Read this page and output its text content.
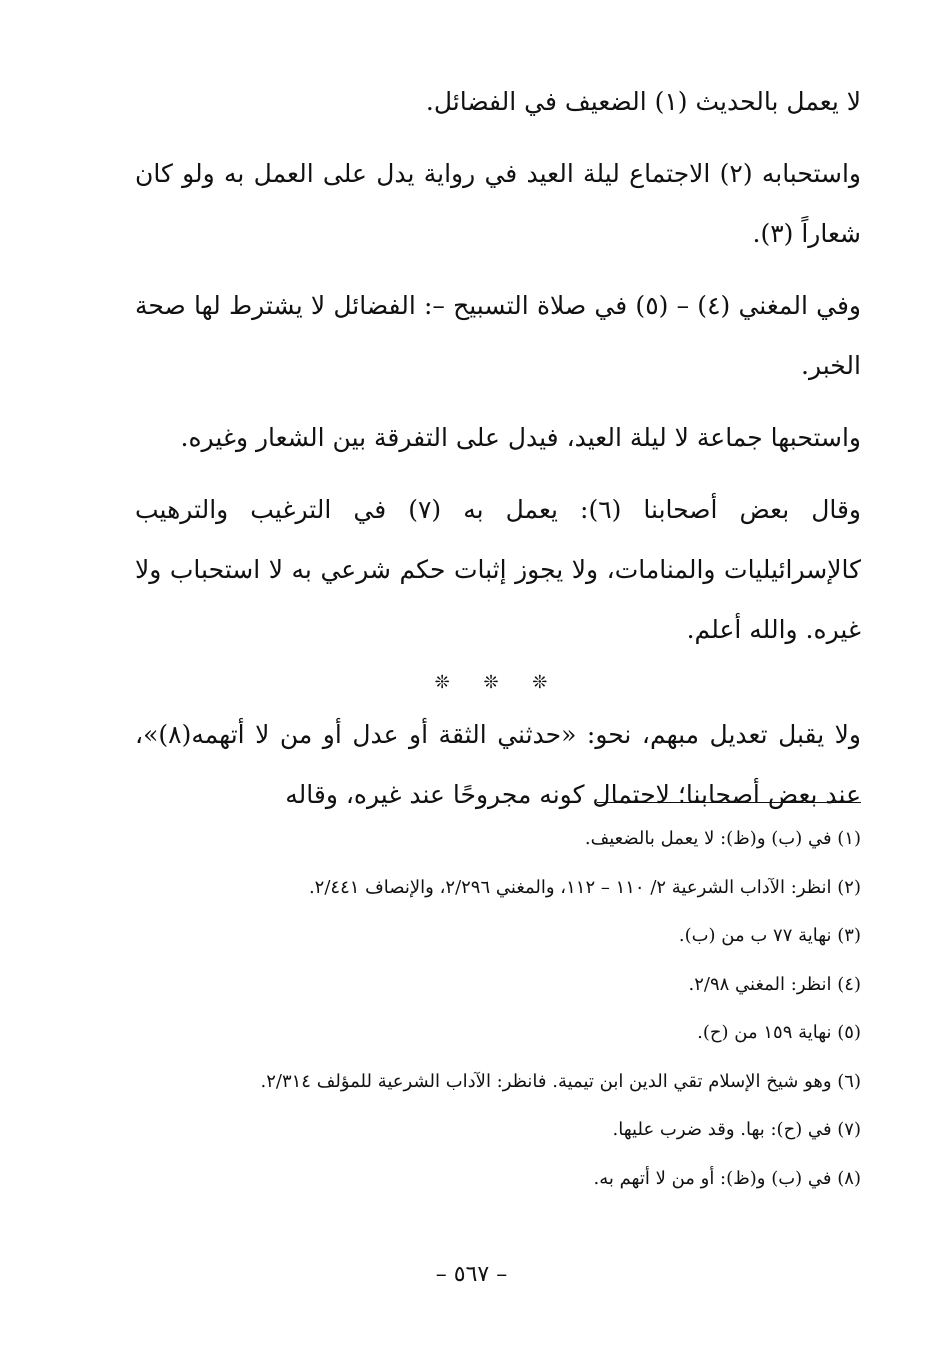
لا يعمل بالحديث (١) الضعيف في الفضائل.

واستحبابه (٢) الاجتماع ليلة العيد في رواية يدل على العمل به ولو كان شعاراً (٣).

وفي المغني (٤) – (٥) في صلاة التسبيح –: الفضائل لا يشترط لها صحة الخبر.

واستحبها جماعة لا ليلة العيد، فيدل على التفرقة بين الشعار وغيره.

وقال بعض أصحابنا (٦): يعمل به (٧) في الترغيب والترهيب كالإسرائيليات والمنامات، ولا يجوز إثبات حكم شرعي به لا استحباب ولا غيره. والله أعلم.

❊ ❊ ❊

ولا يقبل تعديل مبهم، نحو: «حدثني الثقة أو عدل أو من لا أتهمه(٨)»، عند بعض أصحابنا؛ لاحتمال كونه مجروحًا عند غيره، وقاله

(١) في (ب) و(ظ): لا يعمل بالضعيف.

(٢) انظر: الآداب الشرعية ٢/ ١١٠ – ١١٢، والمغني ٢/٢٩٦، والإنصاف ٢/٤٤١.

(٣) نهاية ٧٧ ب من (ب).

(٤) انظر: المغني ٢/٩٨.

(٥) نهاية ١٥٩ من (ح).

(٦) وهو شيخ الإسلام تقي الدين ابن تيمية. فانظر: الآداب الشرعية للمؤلف ٢/٣١٤.

(٧) في (ح): بها. وقد ضرب عليها.

(٨) في (ب) و(ظ): أو من لا أتهم به.

– ٥٦٧ –
